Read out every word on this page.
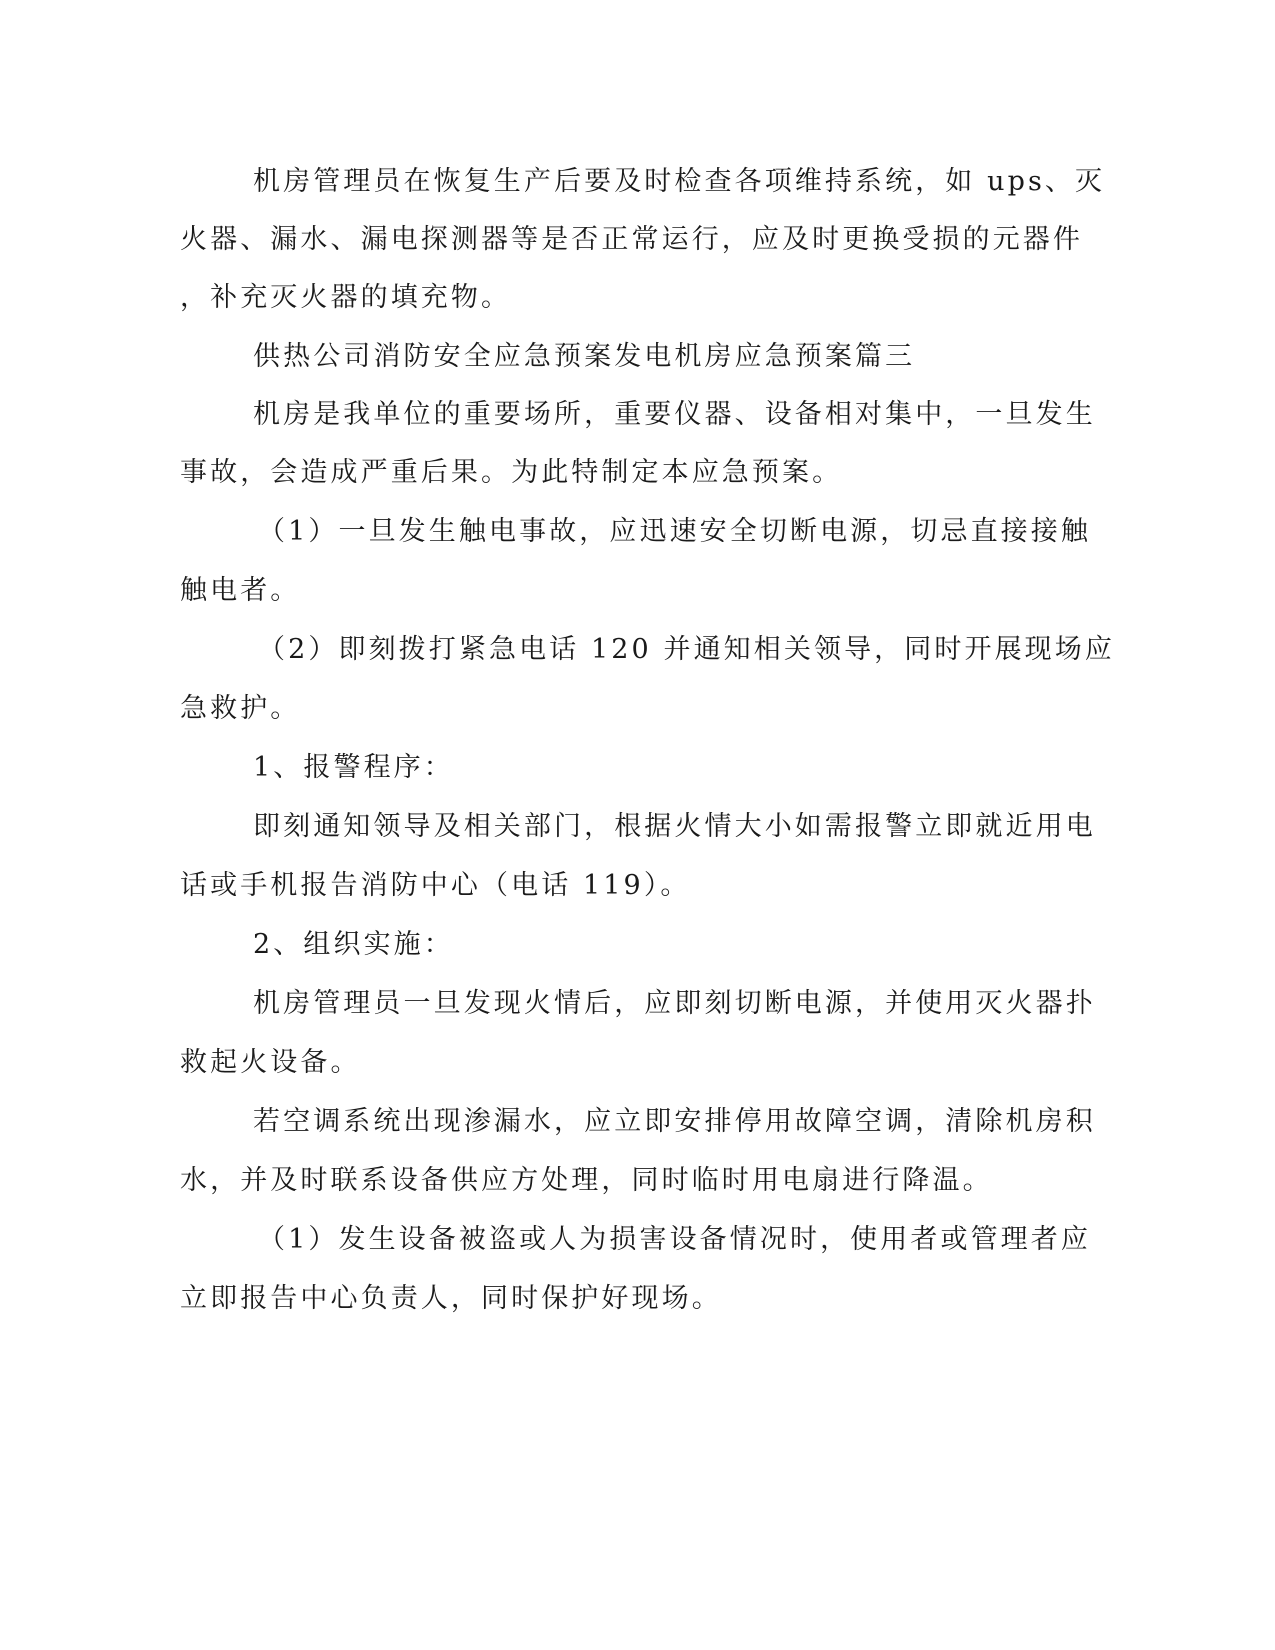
机房管理员在恢复生产后要及时检查各项维持系统，如 ups、灭
火器、漏水、漏电探测器等是否正常运行，应及时更换受损的元器件
，补充灭火器的填充物。
供热公司消防安全应急预案发电机房应急预案篇三
机房是我单位的重要场所，重要仪器、设备相对集中，一旦发生
事故，会造成严重后果。为此特制定本应急预案。
（1）一旦发生触电事故，应迅速安全切断电源，切忌直接接触
触电者。
（2）即刻拨打紧急电话 120 并通知相关领导，同时开展现场应
急救护。
1、报警程序：
即刻通知领导及相关部门，根据火情大小如需报警立即就近用电
话或手机报告消防中心（电话 119）。
2、组织实施：
机房管理员一旦发现火情后，应即刻切断电源，并使用灭火器扑
救起火设备。
若空调系统出现渗漏水，应立即安排停用故障空调，清除机房积
水，并及时联系设备供应方处理，同时临时用电扇进行降温。
（1）发生设备被盗或人为损害设备情况时，使用者或管理者应
立即报告中心负责人，同时保护好现场。
